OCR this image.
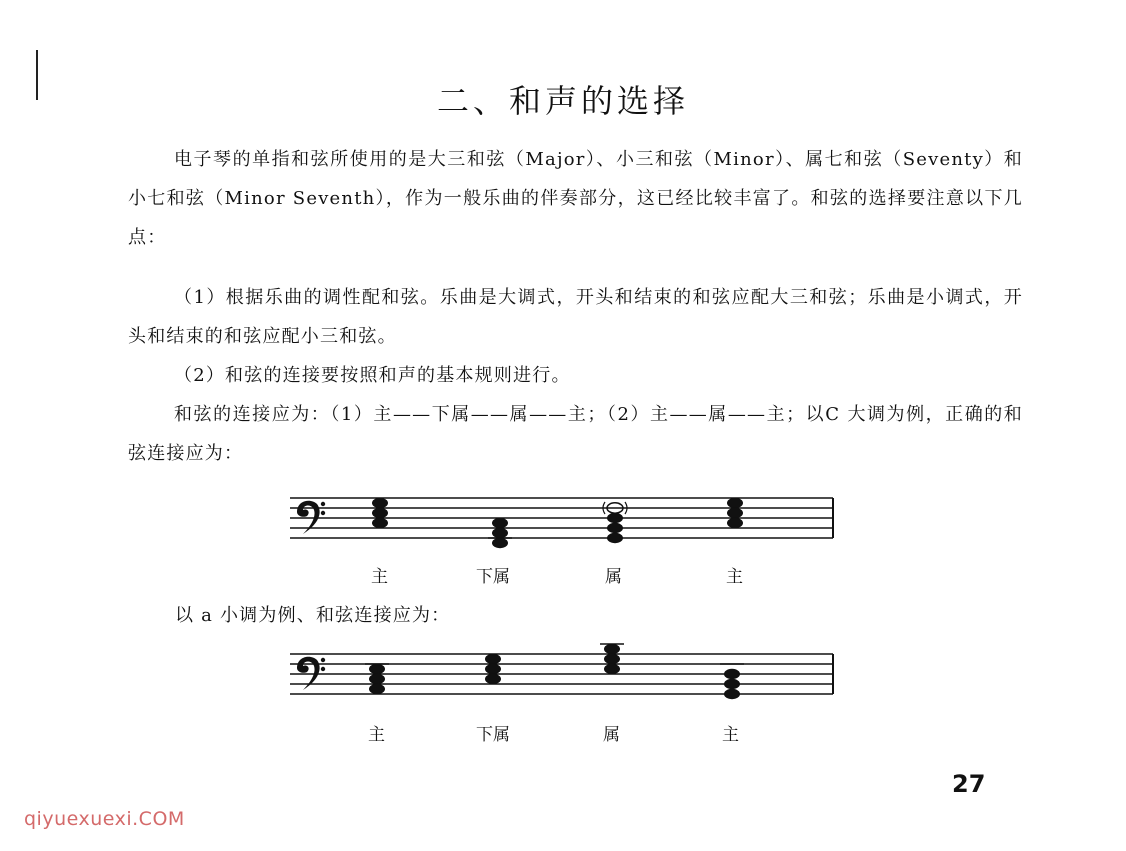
二、和声的选择

电子琴的单指和弦所使用的是大三和弦（Major）、小三和弦（Minor）、属七和弦（Seventy）和小七和弦（Minor Seventh），作为一般乐曲的伴奏部分，这已经比较丰富了。和弦的选择要注意以下几点：

（1）根据乐曲的调性配和弦。乐曲是大调式，开头和结束的和弦应配大三和弦；乐曲是小调式，开头和结束的和弦应配小三和弦。

（2）和弦的连接要按照和声的基本规则进行。

和弦的连接应为：（1）主——下属——属——主；（2）主——属——主；以C 大调为例，正确的和弦连接应为：

主	下属	属	主
以 a 小调为例、和弦连接应为：
主	下属	属	主
27
qiyuexuexi.COM
